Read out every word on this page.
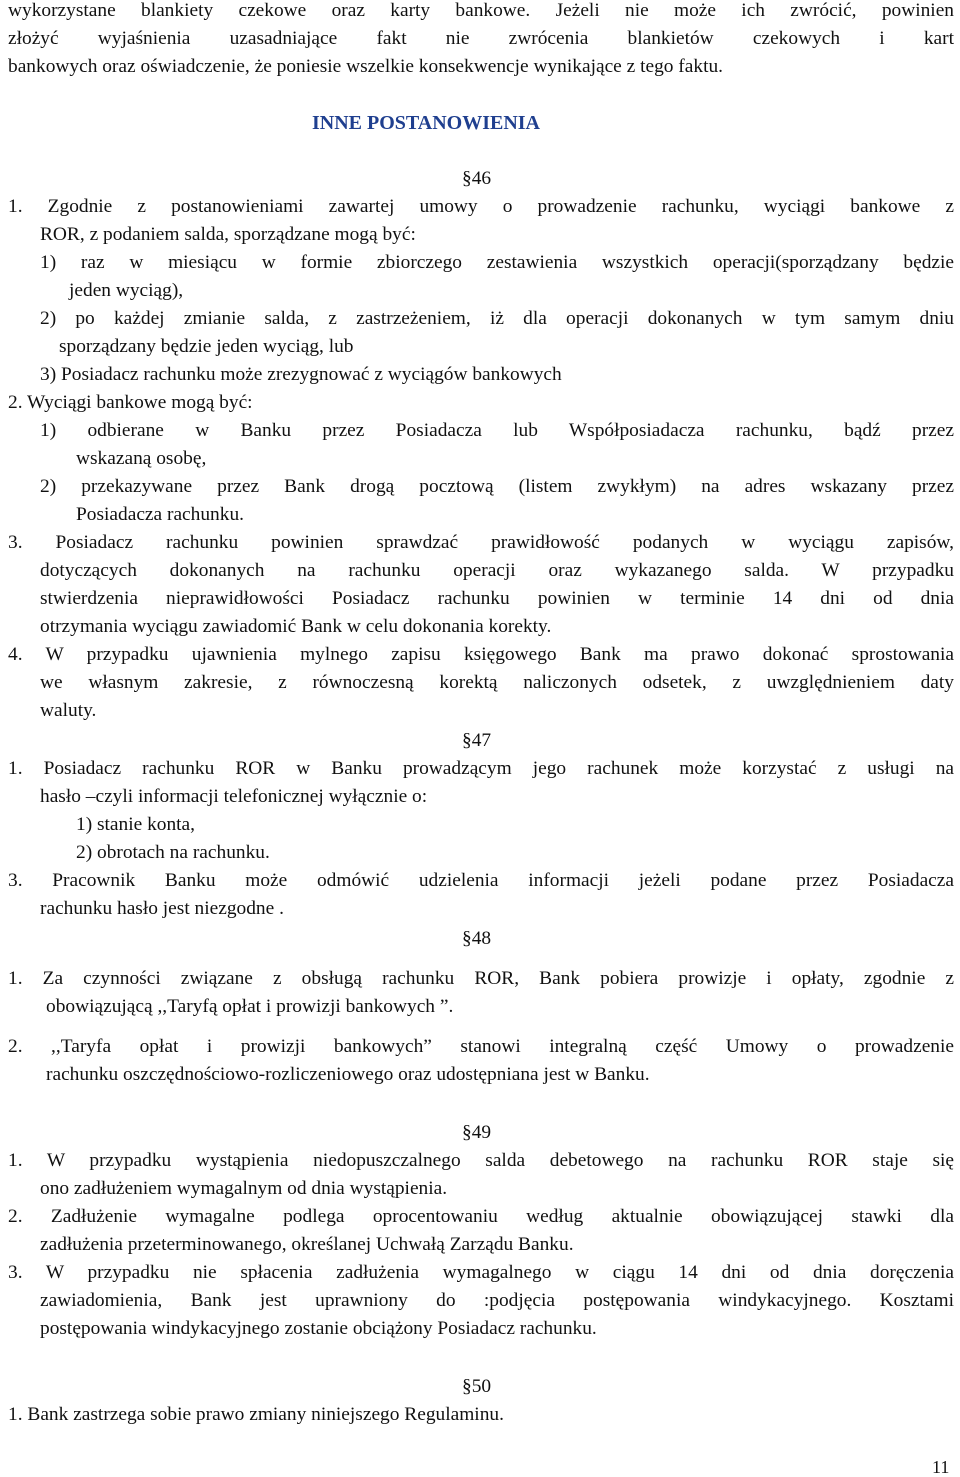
wykorzystane blankiety czekowe oraz karty bankowe. Jeżeli nie może ich zwrócić, powinien
złożyć wyjaśnienia uzasadniające fakt nie zwrócenia blankietów czekowych i kart
bankowych oraz oświadczenie, że poniesie wszelkie konsekwencje wynikające z tego faktu.
INNE POSTANOWIENIA
§46
1. Zgodnie z postanowieniami zawartej umowy o prowadzenie rachunku, wyciągi bankowe z
ROR, z podaniem salda, sporządzane mogą być:
1) raz w miesiącu w formie zbiorczego zestawienia wszystkich operacji(sporządzany będzie
jeden wyciąg),
2) po każdej zmianie salda, z zastrzeżeniem, iż dla operacji dokonanych w tym samym dniu
sporządzany będzie jeden wyciąg, lub
3) Posiadacz rachunku może zrezygnować z wyciągów bankowych
2. Wyciągi bankowe mogą być:
1) odbierane w Banku przez Posiadacza lub Współposiadacza rachunku, bądź przez
wskazaną osobę,
2) przekazywane przez Bank drogą pocztową (listem zwykłym) na adres wskazany przez
Posiadacza rachunku.
3. Posiadacz rachunku powinien sprawdzać prawidłowość podanych w wyciągu zapisów,
dotyczących dokonanych na rachunku operacji oraz wykazanego salda. W przypadku
stwierdzenia nieprawidłowości Posiadacz rachunku powinien w terminie 14 dni od dnia
otrzymania wyciągu zawiadomić Bank w celu dokonania korekty.
4. W przypadku ujawnienia mylnego zapisu księgowego Bank ma prawo dokonać sprostowania
we własnym zakresie, z równoczesną korektą naliczonych odsetek, z uwzględnieniem daty
waluty.
§47
1. Posiadacz rachunku ROR w Banku prowadzącym jego rachunek może korzystać z usługi na
hasło –czyli informacji telefonicznej wyłącznie o:
1) stanie konta,
2) obrotach na rachunku.
3. Pracownik Banku może odmówić udzielenia informacji jeżeli podane przez Posiadacza
rachunku hasło jest niezgodne .
§48
1. Za czynności związane z obsługą rachunku ROR, Bank pobiera prowizje i opłaty, zgodnie z
obowiązującą ,,Taryfą opłat i prowizji bankowych ”.
2. ,,Taryfa opłat i prowizji bankowych” stanowi integralną część Umowy o prowadzenie
rachunku oszczędnościowo-rozliczeniowego oraz udostępniana jest w Banku.
§49
1. W przypadku wystąpienia niedopuszczalnego salda debetowego na rachunku ROR staje się
ono zadłużeniem wymagalnym od dnia wystąpienia.
2. Zadłużenie wymagalne podlega oprocentowaniu według aktualnie obowiązującej stawki dla
zadłużenia przeterminowanego, określanej Uchwałą Zarządu Banku.
3. W przypadku nie spłacenia zadłużenia wymagalnego w ciągu 14 dni od dnia doręczenia
zawiadomienia, Bank jest uprawniony do :podjęcia postępowania windykacyjnego. Kosztami
postępowania windykacyjnego zostanie obciążony Posiadacz rachunku.
§50
1. Bank zastrzega sobie prawo zmiany niniejszego Regulaminu.
11
